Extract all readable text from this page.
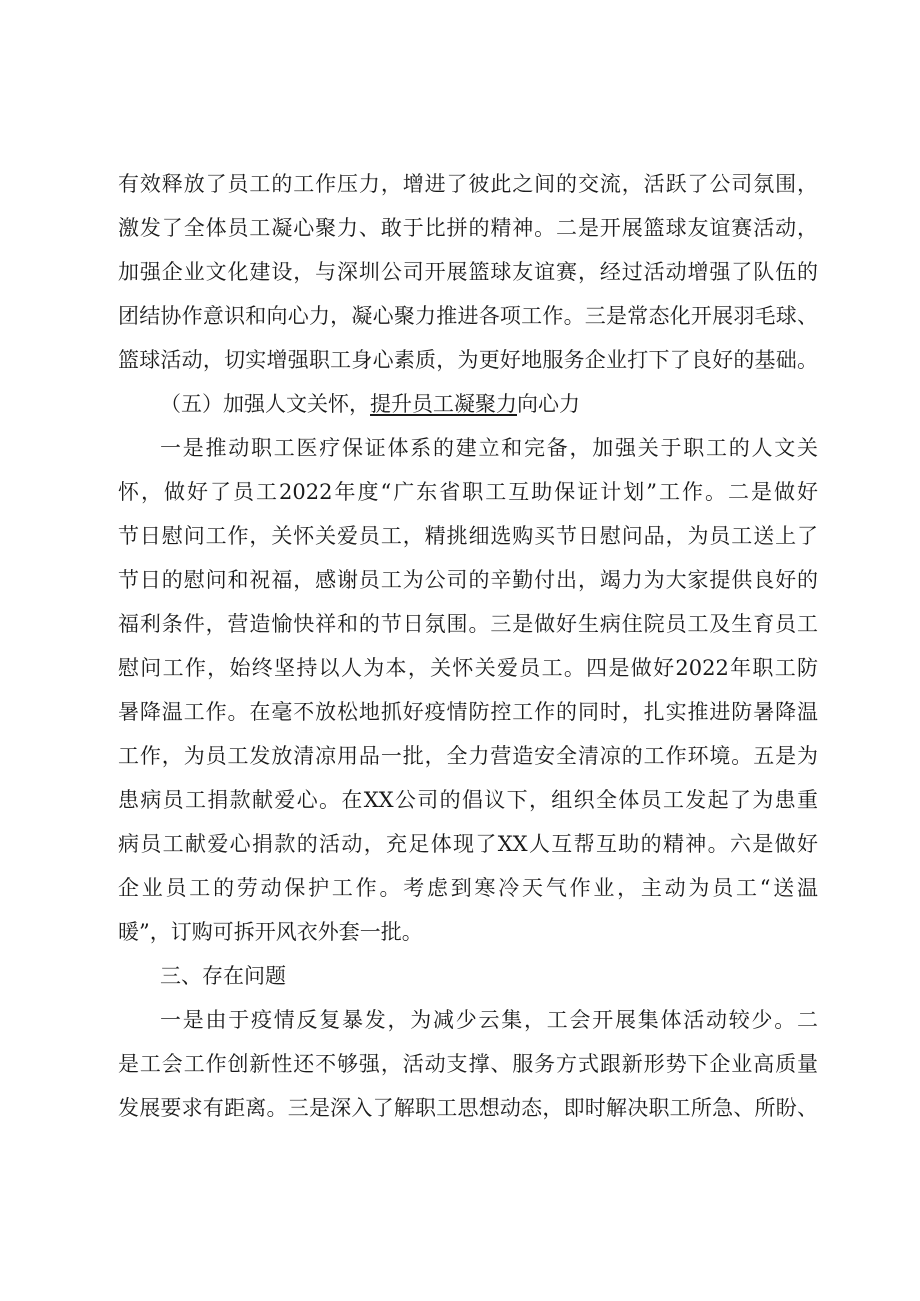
有效释放了员工的工作压力，增进了彼此之间的交流，活跃了公司氛围，
激发了全体员工凝心聚力、敢于比拼的精神。二是开展篮球友谊赛活动，
加强企业文化建设，与深圳公司开展篮球友谊赛，经过活动增强了队伍的
团结协作意识和向心力，凝心聚力推进各项工作。三是常态化开展羽毛球、
篮球活动，切实增强职工身心素质，为更好地服务企业打下了良好的基础。
（五）加强人文关怀，提升员工凝聚力向心力
一是推动职工医疗保证体系的建立和完备，加强关于职工的人文关
怀，做好了员工2022年度“广东省职工互助保证计划”工作。二是做好
节日慰问工作，关怀关爱员工，精挑细选购买节日慰问品，为员工送上了
节日的慰问和祝福，感谢员工为公司的辛勤付出，竭力为大家提供良好的
福利条件，营造愉快祥和的节日氛围。三是做好生病住院员工及生育员工
慰问工作，始终坚持以人为本，关怀关爱员工。四是做好2022年职工防
暑降温工作。在毫不放松地抓好疫情防控工作的同时，扎实推进防暑降温
工作，为员工发放清凉用品一批，全力营造安全清凉的工作环境。五是为
患病员工捐款献爱心。在XX公司的倡议下，组织全体员工发起了为患重
病员工献爱心捐款的活动，充足体现了XX人互帮互助的精神。六是做好
企业员工的劳动保护工作。考虑到寒冷天气作业，主动为员工“送温
暖”，订购可拆开风衣外套一批。
三、存在问题
一是由于疫情反复暴发，为减少云集，工会开展集体活动较少。二
是工会工作创新性还不够强，活动支撑、服务方式跟新形势下企业高质量
发展要求有距离。三是深入了解职工思想动态，即时解决职工所急、所盼、
